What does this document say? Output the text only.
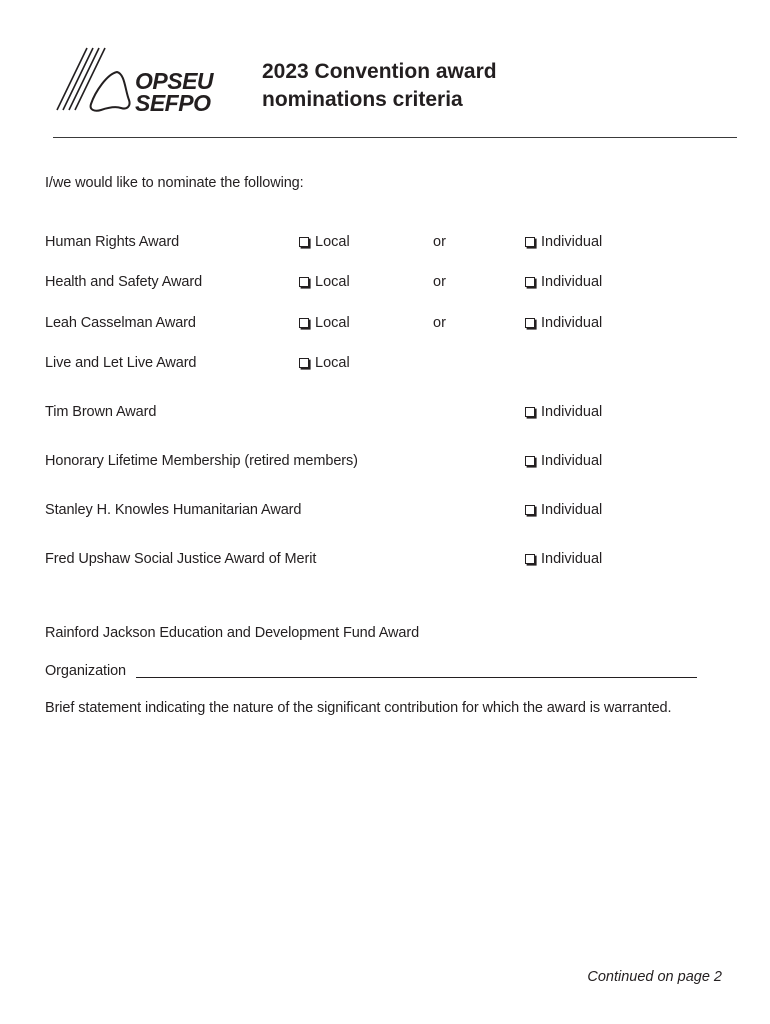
OPSEU
SEFPO
2023 Convention award
nominations criteria
I/we would like to nominate the following:
Human Rights Award	Local	or	Individual
Health and Safety Award	Local	or	Individual
Leah Casselman Award	Local	or	Individual
Live and Let Live Award	Local
Tim Brown Award	Individual
Honorary Lifetime Membership (retired members)	Individual
Stanley H. Knowles Humanitarian Award	Individual
Fred Upshaw Social Justice Award of Merit	Individual
Rainford Jackson Education and Development Fund Award
Organization
Brief statement indicating the nature of the significant contribution for which the award is warranted.
Continued on page 2
